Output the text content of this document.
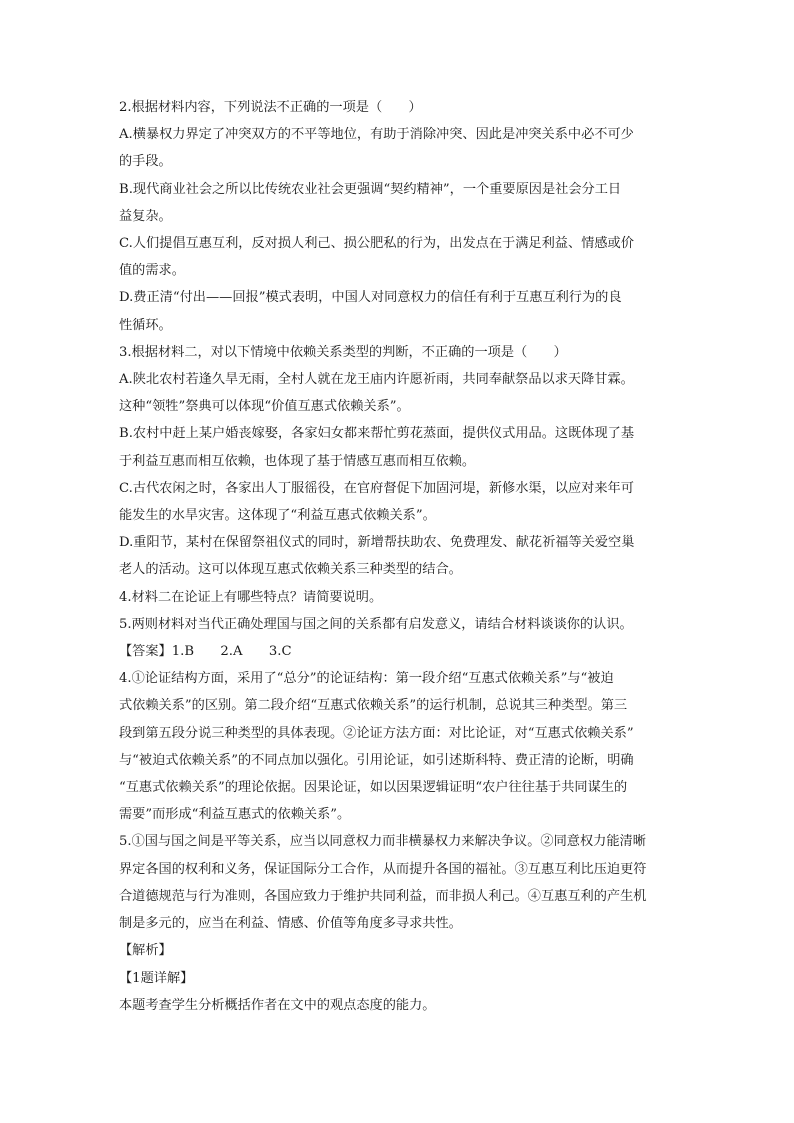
2.根据材料内容，下列说法不正确的一项是（　　）
A.横暴权力界定了冲突双方的不平等地位，有助于消除冲突、因此是冲突关系中必不可少
的手段。
B.现代商业社会之所以比传统农业社会更强调“契约精神”，一个重要原因是社会分工日
益复杂。
C.人们提倡互惠互利，反对损人利己、损公肥私的行为，出发点在于满足利益、情感或价
值的需求。
D.费正清“付出——回报”模式表明，中国人对同意权力的信任有利于互惠互利行为的良
性循环。
3.根据材料二，对以下情境中依赖关系类型的判断，不正确的一项是（　　）
A.陕北农村若逢久旱无雨，全村人就在龙王庙内许愿祈雨，共同奉献祭品以求天降甘霖。
这种“领牲”祭典可以体现“价值互惠式依赖关系”。
B.农村中赶上某户婚丧嫁娶，各家妇女都来帮忙剪花蒸面，提供仪式用品。这既体现了基
于利益互惠而相互依赖，也体现了基于情感互惠而相互依赖。
C.古代农闲之时，各家出人丁服徭役，在官府督促下加固河堤，新修水渠，以应对来年可
能发生的水旱灾害。这体现了“利益互惠式依赖关系”。
D.重阳节，某村在保留祭祖仪式的同时，新增帮扶助农、免费理发、献花祈福等关爱空巢
老人的活动。这可以体现互惠式依赖关系三种类型的结合。
4.材料二在论证上有哪些特点？请简要说明。
5.两则材料对当代正确处理国与国之间的关系都有启发意义，请结合材料谈谈你的认识。
【答案】1.B　　2.A　　3.C
4.①论证结构方面，采用了“总分”的论证结构：第一段介绍“互惠式依赖关系”与“被迫
式依赖关系”的区别。第二段介绍“互惠式依赖关系”的运行机制，总说其三种类型。第三
段到第五段分说三种类型的具体表现。②论证方法方面：对比论证，对“互惠式依赖关系”
与“被迫式依赖关系”的不同点加以强化。引用论证，如引述斯科特、费正清的论断，明确
“互惠式依赖关系”的理论依据。因果论证，如以因果逻辑证明“农户往往基于共同谋生的
需要”而形成“利益互惠式的依赖关系”。
5.①国与国之间是平等关系，应当以同意权力而非横暴权力来解决争议。②同意权力能清晰
界定各国的权利和义务，保证国际分工合作，从而提升各国的福祉。③互惠互利比压迫更符
合道德规范与行为准则，各国应致力于维护共同利益，而非损人利己。④互惠互利的产生机
制是多元的，应当在利益、情感、价值等角度多寻求共性。
【解析】
【1题详解】
本题考查学生分析概括作者在文中的观点态度的能力。
